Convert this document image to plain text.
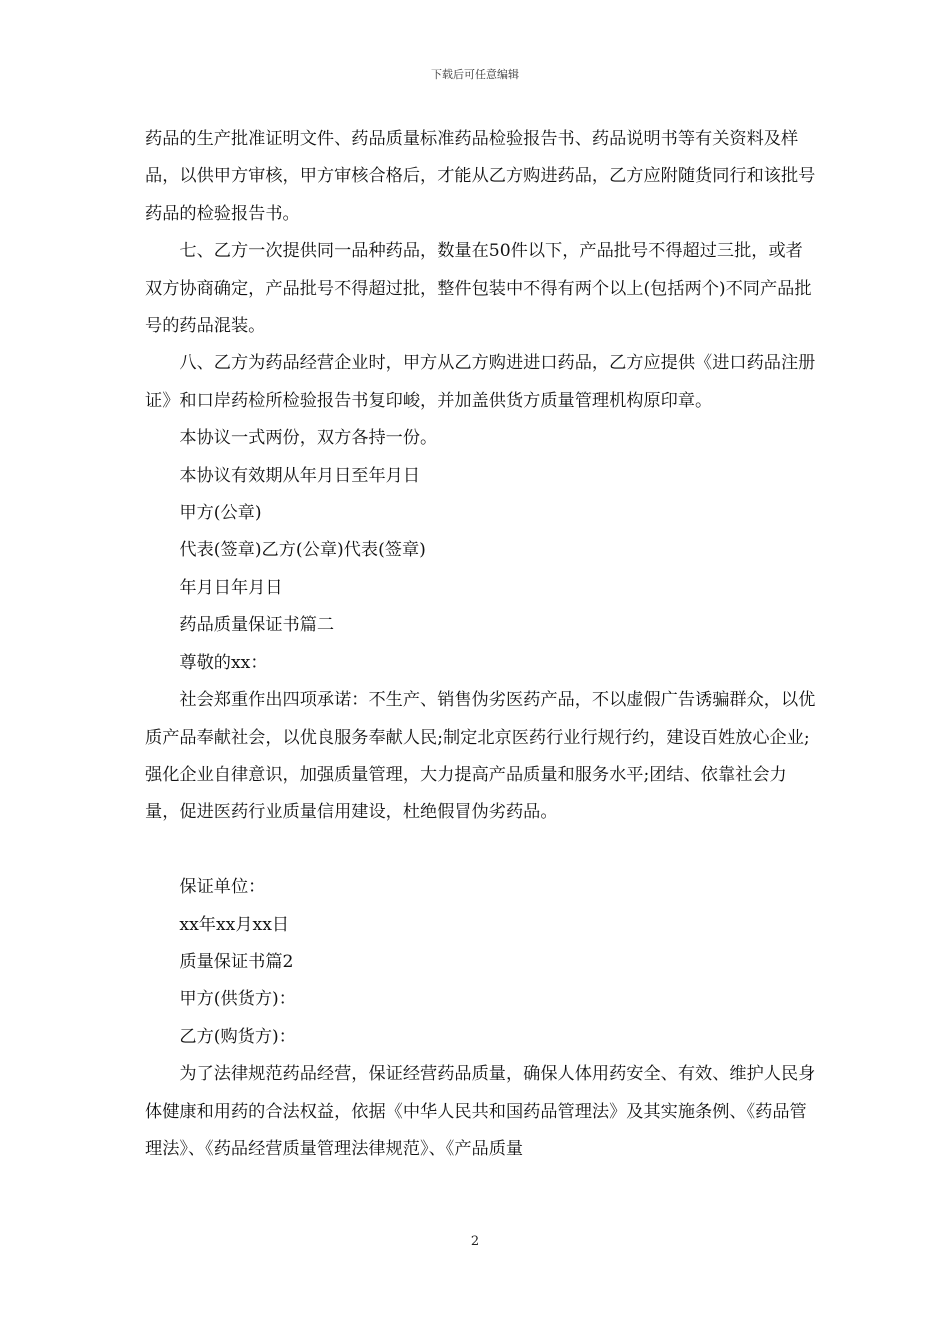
下载后可任意编辑

药品的生产批准证明文件、药品质量标准药品检验报告书、药品说明书等有关资料及样品，以供甲方审核，甲方审核合格后，才能从乙方购进药品，乙方应附随货同行和该批号药品的检验报告书。

七、乙方一次提供同一品种药品，数量在50件以下，产品批号不得超过三批，或者双方协商确定，产品批号不得超过批，整件包装中不得有两个以上(包括两个)不同产品批号的药品混装。

八、乙方为药品经营企业时，甲方从乙方购进进口药品，乙方应提供《进口药品注册证》和口岸药检所检验报告书复印峻，并加盖供货方质量管理机构原印章。

本协议一式两份，双方各持一份。

本协议有效期从年月日至年月日

甲方(公章)

代表(签章)乙方(公章)代表(签章)

年月日年月日

药品质量保证书篇二

尊敬的xx：

社会郑重作出四项承诺：不生产、销售伪劣医药产品，不以虚假广告诱骗群众，以优质产品奉献社会，以优良服务奉献人民;制定北京医药行业行规行约，建设百姓放心企业;强化企业自律意识，加强质量管理，大力提高产品质量和服务水平;团结、依靠社会力量，促进医药行业质量信用建设，杜绝假冒伪劣药品。

保证单位：

xx年xx月xx日

质量保证书篇2

甲方(供货方)：

乙方(购货方)：

为了法律规范药品经营，保证经营药品质量，确保人体用药安全、有效、维护人民身体健康和用药的合法权益，依据《中华人民共和国药品管理法》及其实施条例、《药品管理法》、《药品经营质量管理法律规范》、《产品质量

2
